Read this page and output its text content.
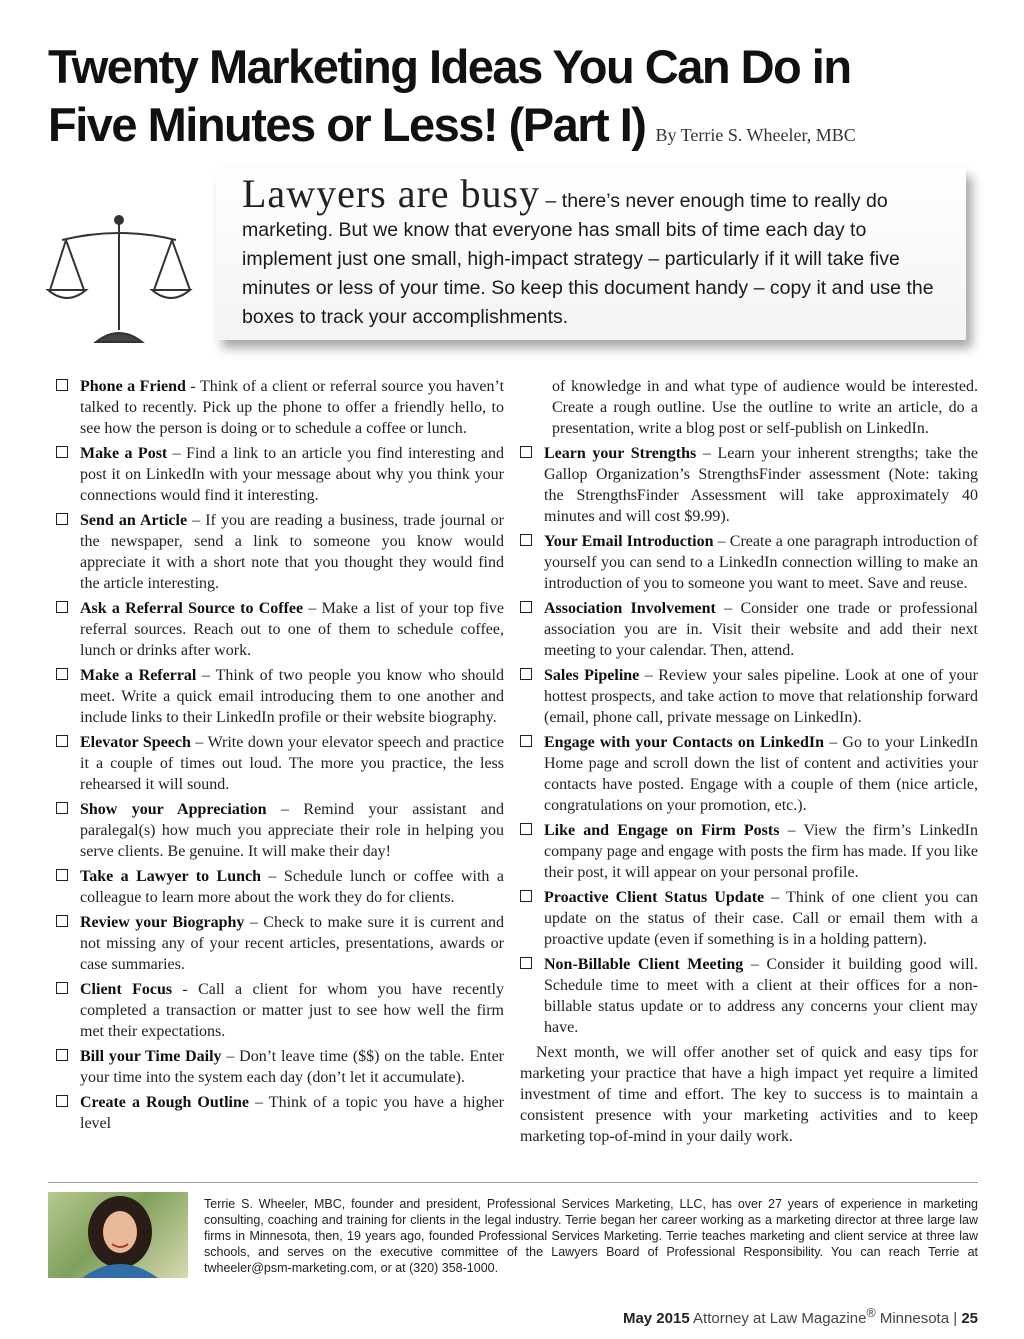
Twenty Marketing Ideas You Can Do in
Five Minutes or Less! (Part I) By Terrie S. Wheeler, MBC
Lawyers are busy – there’s never enough time to really do marketing. But we know that everyone has small bits of time each day to implement just one small, high-impact strategy – particularly if it will take five minutes or less of your time. So keep this document handy – copy it and use the boxes to track your accomplishments.
Phone a Friend - Think of a client or referral source you haven’t talked to recently. Pick up the phone to offer a friendly hello, to see how the person is doing or to schedule a coffee or lunch.
Make a Post – Find a link to an article you find interesting and post it on LinkedIn with your message about why you think your connections would find it interesting.
Send an Article – If you are reading a business, trade journal or the newspaper, send a link to someone you know would appreciate it with a short note that you thought they would find the article interesting.
Ask a Referral Source to Coffee – Make a list of your top five referral sources. Reach out to one of them to schedule coffee, lunch or drinks after work.
Make a Referral – Think of two people you know who should meet. Write a quick email introducing them to one another and include links to their LinkedIn profile or their website biography.
Elevator Speech – Write down your elevator speech and practice it a couple of times out loud. The more you practice, the less rehearsed it will sound.
Show your Appreciation – Remind your assistant and paralegal(s) how much you appreciate their role in helping you serve clients. Be genuine. It will make their day!
Take a Lawyer to Lunch – Schedule lunch or coffee with a colleague to learn more about the work they do for clients.
Review your Biography – Check to make sure it is current and not missing any of your recent articles, presentations, awards or case summaries.
Client Focus - Call a client for whom you have recently completed a transaction or matter just to see how well the firm met their expectations.
Bill your Time Daily – Don’t leave time ($$) on the table. Enter your time into the system each day (don’t let it accumulate).
Create a Rough Outline – Think of a topic you have a higher level
of knowledge in and what type of audience would be interested. Create a rough outline. Use the outline to write an article, do a presentation, write a blog post or self-publish on LinkedIn.
Learn your Strengths – Learn your inherent strengths; take the Gallop Organization’s StrengthsFinder assessment (Note: taking the StrengthsFinder Assessment will take approximately 40 minutes and will cost $9.99).
Your Email Introduction – Create a one paragraph introduction of yourself you can send to a LinkedIn connection willing to make an introduction of you to someone you want to meet. Save and reuse.
Association Involvement – Consider one trade or professional association you are in. Visit their website and add their next meeting to your calendar. Then, attend.
Sales Pipeline – Review your sales pipeline. Look at one of your hottest prospects, and take action to move that relationship forward (email, phone call, private message on LinkedIn).
Engage with your Contacts on LinkedIn – Go to your LinkedIn Home page and scroll down the list of content and activities your contacts have posted. Engage with a couple of them (nice article, congratulations on your promotion, etc.).
Like and Engage on Firm Posts – View the firm’s LinkedIn company page and engage with posts the firm has made. If you like their post, it will appear on your personal profile.
Proactive Client Status Update – Think of one client you can update on the status of their case. Call or email them with a proactive update (even if something is in a holding pattern).
Non-Billable Client Meeting – Consider it building good will. Schedule time to meet with a client at their offices for a non-billable status update or to address any concerns your client may have.
Next month, we will offer another set of quick and easy tips for marketing your practice that have a high impact yet require a limited investment of time and effort. The key to success is to maintain a consistent presence with your marketing activities and to keep marketing top-of-mind in your daily work.
Terrie S. Wheeler, MBC, founder and president, Professional Services Marketing, LLC, has over 27 years of experience in marketing consulting, coaching and training for clients in the legal industry. Terrie began her career working as a marketing director at three large law firms in Minnesota, then, 19 years ago, founded Professional Services Marketing. Terrie teaches marketing and client service at three law schools, and serves on the executive committee of the Lawyers Board of Professional Responsibility. You can reach Terrie at twheeler@psm-marketing.com, or at (320) 358-1000.
May 2015 Attorney at Law Magazine® Minnesota | 25
